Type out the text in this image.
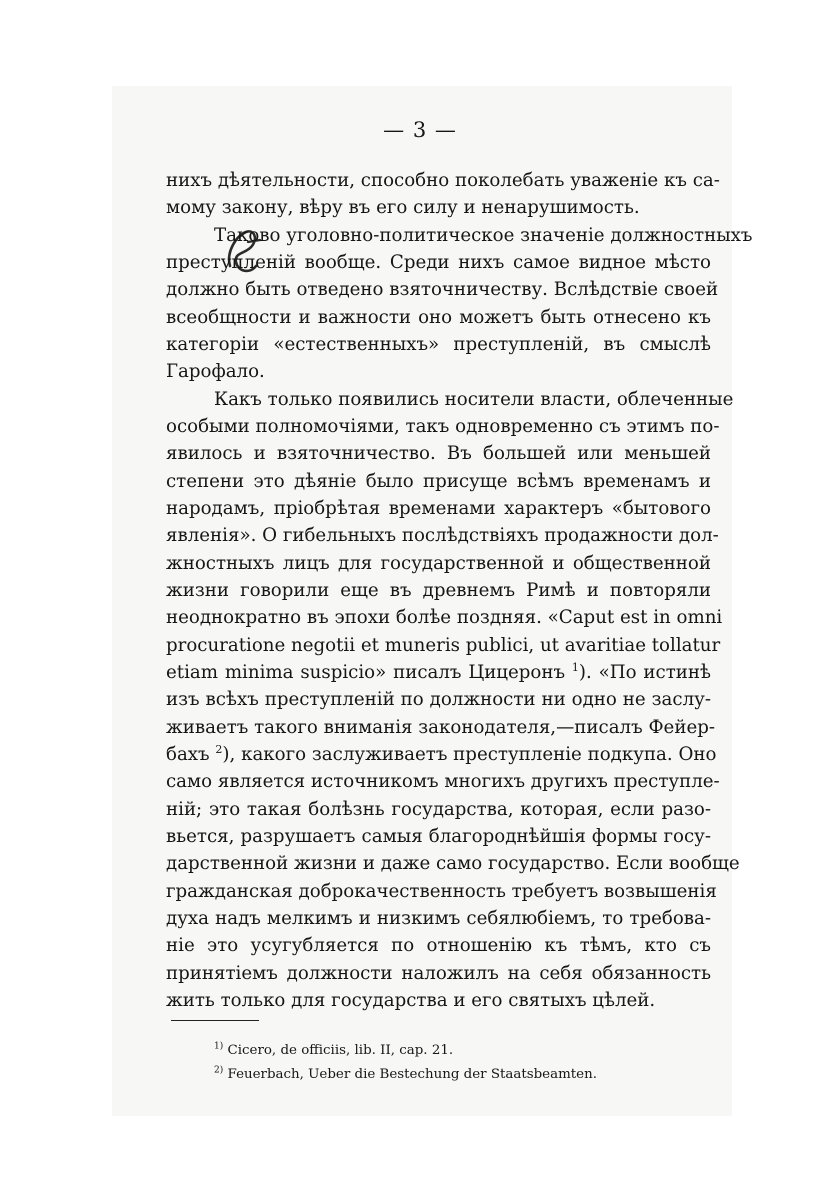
— 3 —
нихъ дѣятельности, способно поколебать уваженіе къ са-
мому закону, вѣру въ его силу и ненарушимость.
Таково уголовно-политическое значеніе должностныхъ
преступленій вообще. Среди нихъ самое видное мѣсто
должно быть отведено взяточничеству. Вслѣдствіе своей
всеобщности и важности оно можетъ быть отнесено къ
категоріи «естественныхъ» преступленій, въ смыслѣ
Гарофало.
Какъ только появились носители власти, облеченные
особыми полномочіями, такъ одновременно съ этимъ по-
явилось и взяточничество. Въ большей или меньшей
степени это дѣяніе было присуще всѣмъ временамъ и
народамъ, пріобрѣтая временами характеръ «бытового
явленія». О гибельныхъ послѣдствіяхъ продажности дол-
жностныхъ лицъ для государственной и общественной
жизни говорили еще въ древнемъ Римѣ и повторяли
неоднократно въ эпохи болѣе поздняя. «Caput est in omni
procuratione negotii et muneris publici, ut avaritiae tollatur
etiam minima suspicio» писалъ Цицеронъ $^1$). «По истинѣ
изъ всѣхъ преступленій по должности ни одно не заслу-
живаетъ такого вниманія законодателя,—писалъ Фейер-
бахъ $^2$), какого заслуживаетъ преступленіе подкупа. Оно
само является источникомъ многихъ другихъ преступле-
ній; это такая болѣзнь государства, которая, если разо-
вьется, разрушаетъ самыя благороднѣйшія формы госу-
дарственной жизни и даже само государство. Если вообще
гражданская доброкачественность требуетъ возвышенія
духа надъ мелкимъ и низкимъ себялюбіемъ, то требова-
ніе это усугубляется по отношенію къ тѣмъ, кто съ
принятіемъ должности наложилъ на себя обязанность
жить только для государства и его святыхъ цѣлей.
$^{1)}$ Cicero, de officiis, lib. II, cap. 21.
$^{2)}$ Feuerbach, Ueber die Bestechung der Staatsbeamten.
